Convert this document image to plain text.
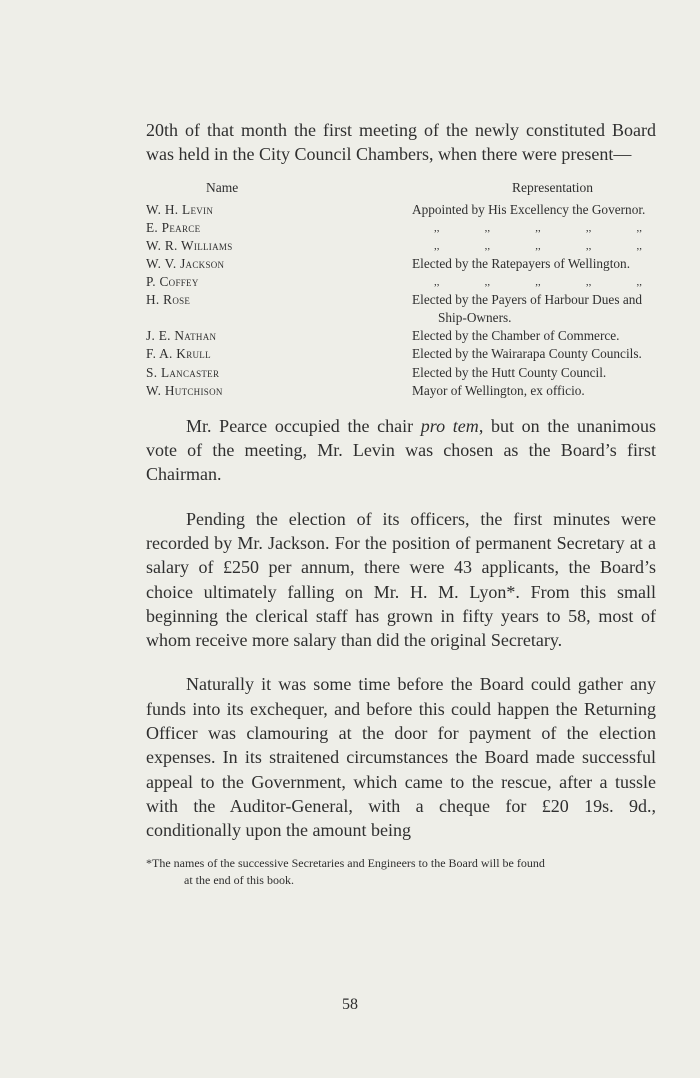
20th of that month the first meeting of the newly constituted Board was held in the City Council Chambers, when there were present—

Name	Representation
W. H. Levin	Appointed by His Excellency the Governor.
E. Pearce	,, ,, ,, ,, ,,

W. R. Williams	,, ,, ,, ,, ,,

W. V. Jackson	Elected by the Ratepayers of Wellington.
P. Coffey	,, ,, ,, ,, ,,

H. Rose	Elected by the Payers of Harbour Dues and
Ship-Owners.

J. E. Nathan	Elected by the Chamber of Commerce.
F. A. Krull	Elected by the Wairarapa County Councils.
S. Lancaster	Elected by the Hutt County Council.
W. Hutchison	Mayor of Wellington, ex officio.

Mr. Pearce occupied the chair pro tem, but on the unanimous vote of the meeting, Mr. Levin was chosen as the Board’s first Chairman.

Pending the election of its officers, the first minutes were recorded by Mr. Jackson. For the position of permanent Secretary at a salary of £250 per annum, there were 43 applicants, the Board’s choice ultimately falling on Mr. H. M. Lyon*. From this small beginning the clerical staff has grown in fifty years to 58, most of whom receive more salary than did the original Secretary.

Naturally it was some time before the Board could gather any funds into its exchequer, and before this could happen the Returning Officer was clamouring at the door for payment of the election expenses. In its straitened circumstances the Board made successful appeal to the Government, which came to the rescue, after a tussle with the Auditor-General, with a cheque for £20 19s. 9d., conditionally upon the amount being

*The names of the successive Secretaries and Engineers to the Board will be found
at the end of this book.
58
